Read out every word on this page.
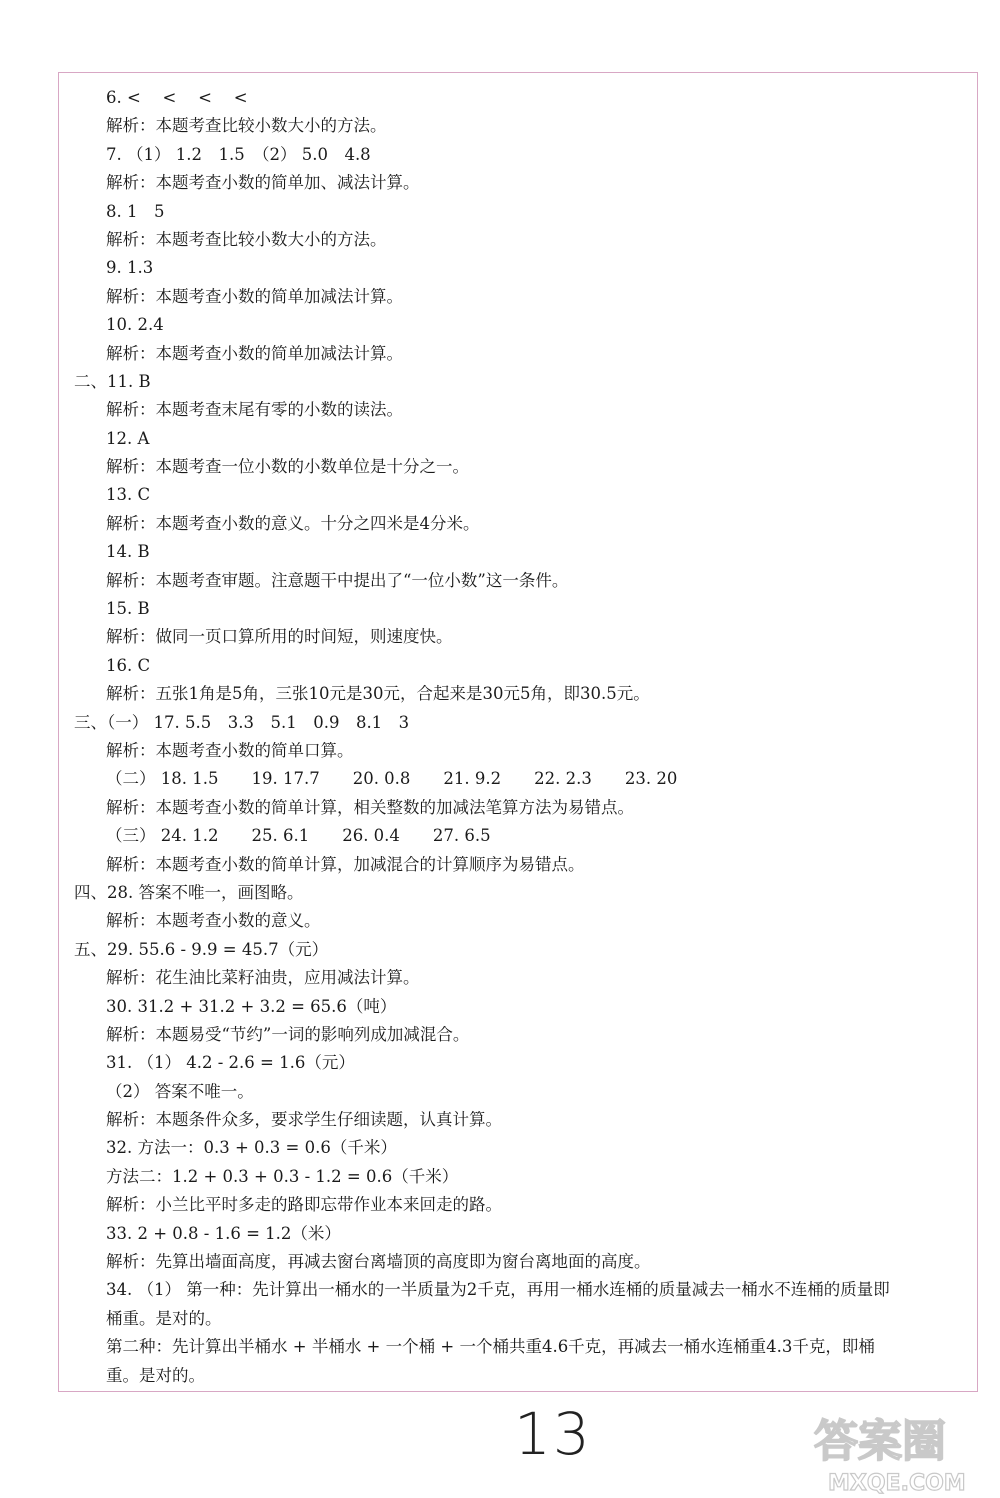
6. <　 <　 <　 <
解析：本题考查比较小数大小的方法。
7. （1） 1.2　1.5　（2） 5.0　4.8
解析：本题考查小数的简单加、减法计算。
8. 1　5
解析：本题考查比较小数大小的方法。
9. 1.3
解析：本题考查小数的简单加减法计算。
10. 2.4
解析：本题考查小数的简单加减法计算。
二、11. B
解析：本题考查末尾有零的小数的读法。
12. A
解析：本题考查一位小数的小数单位是十分之一。
13. C
解析：本题考查小数的意义。十分之四米是4分米。
14. B
解析：本题考查审题。注意题干中提出了“一位小数”这一条件。
15. B
解析：做同一页口算所用的时间短，则速度快。
16. C
解析：五张1角是5角，三张10元是30元，合起来是30元5角，即30.5元。
三、（一） 17. 5.5　3.3　5.1　0.9　8.1　3
解析：本题考查小数的简单口算。
（二） 18. 1.5　　19. 17.7　　20. 0.8　　21. 9.2　　22. 2.3　　23. 20
解析：本题考查小数的简单计算，相关整数的加减法笔算方法为易错点。
（三） 24. 1.2　　25. 6.1　　26. 0.4　　27. 6.5
解析：本题考查小数的简单计算，加减混合的计算顺序为易错点。
四、28. 答案不唯一，画图略。
解析：本题考查小数的意义。
五、29. 55.6 - 9.9 = 45.7（元）
解析：花生油比菜籽油贵，应用减法计算。
30. 31.2 + 31.2 + 3.2 = 65.6（吨）
解析：本题易受“节约”一词的影响列成加减混合。
31. （1） 4.2 - 2.6 = 1.6（元）
（2） 答案不唯一。
解析：本题条件众多，要求学生仔细读题，认真计算。
32. 方法一：0.3 + 0.3 = 0.6（千米）
方法二：1.2 + 0.3 + 0.3 - 1.2 = 0.6（千米）
解析：小兰比平时多走的路即忘带作业本来回走的路。
33. 2 + 0.8 - 1.6 = 1.2（米）
解析：先算出墙面高度，再减去窗台离墙顶的高度即为窗台离地面的高度。
34. （1） 第一种：先计算出一桶水的一半质量为2千克，再用一桶水连桶的质量减去一桶水不连桶的质量即
桶重。是对的。
第二种：先计算出半桶水 + 半桶水 + 一个桶 + 一个桶共重4.6千克，再减去一桶水连桶重4.3千克，即桶
重。是对的。
13	答案圈
MXQE.COM
